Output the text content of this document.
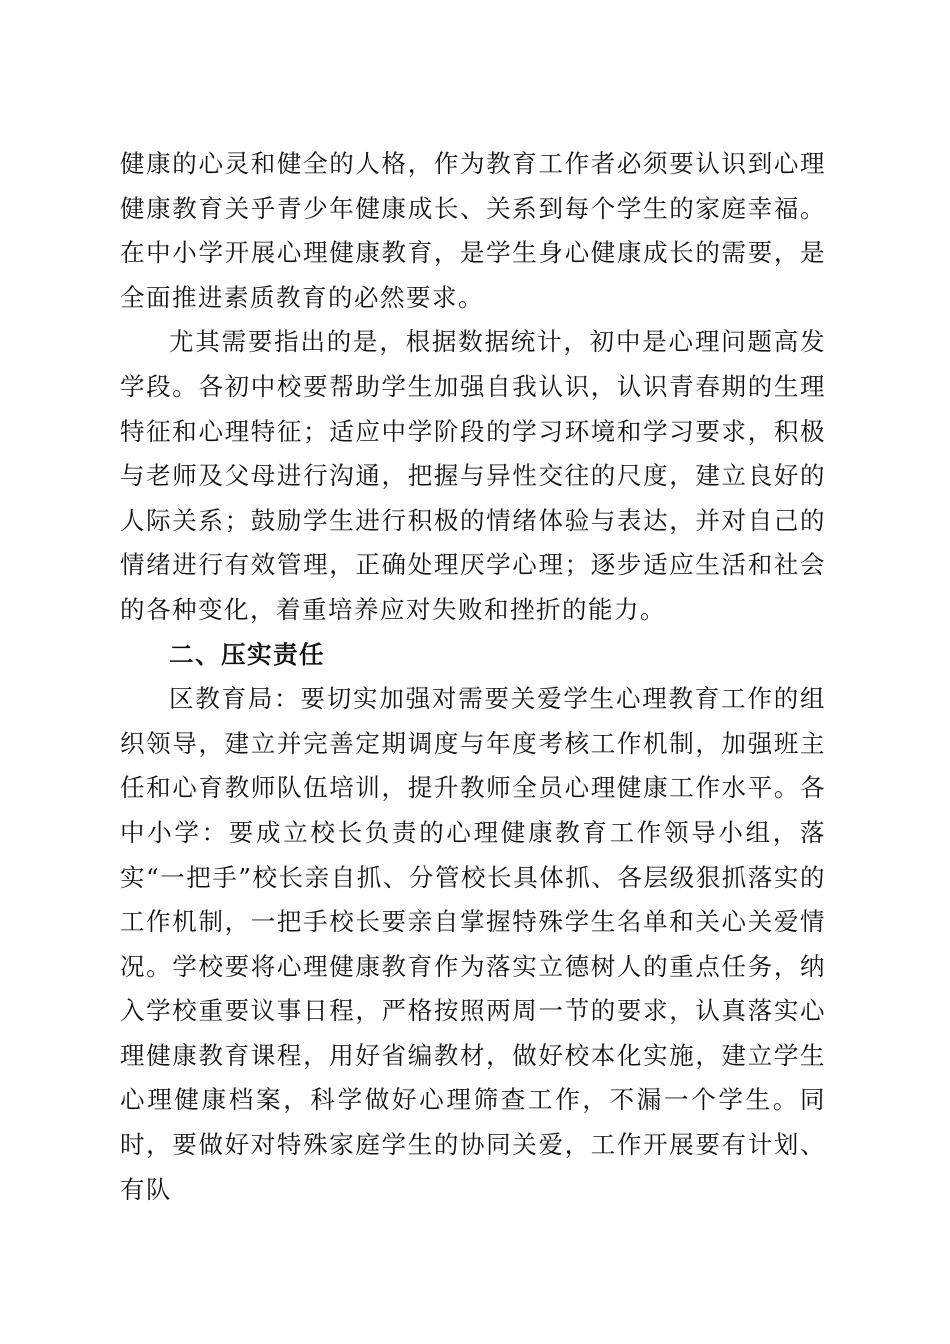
健康的心灵和健全的人格，作为教育工作者必须要认识到心理健康教育关乎青少年健康成长、关系到每个学生的家庭幸福。在中小学开展心理健康教育，是学生身心健康成长的需要，是全面推进素质教育的必然要求。

尤其需要指出的是，根据数据统计，初中是心理问题高发学段。各初中校要帮助学生加强自我认识，认识青春期的生理特征和心理特征；适应中学阶段的学习环境和学习要求，积极与老师及父母进行沟通，把握与异性交往的尺度，建立良好的人际关系；鼓励学生进行积极的情绪体验与表达，并对自己的情绪进行有效管理，正确处理厌学心理；逐步适应生活和社会的各种变化，着重培养应对失败和挫折的能力。

二、压实责任

区教育局：要切实加强对需要关爱学生心理教育工作的组织领导，建立并完善定期调度与年度考核工作机制，加强班主任和心育教师队伍培训，提升教师全员心理健康工作水平。各中小学：要成立校长负责的心理健康教育工作领导小组，落实“一把手”校长亲自抓、分管校长具体抓、各层级狠抓落实的工作机制，一把手校长要亲自掌握特殊学生名单和关心关爱情况。学校要将心理健康教育作为落实立德树人的重点任务，纳入学校重要议事日程，严格按照两周一节的要求，认真落实心理健康教育课程，用好省编教材，做好校本化实施，建立学生心理健康档案，科学做好心理筛查工作，不漏一个学生。同时，要做好对特殊家庭学生的协同关爱，工作开展要有计划、有队
